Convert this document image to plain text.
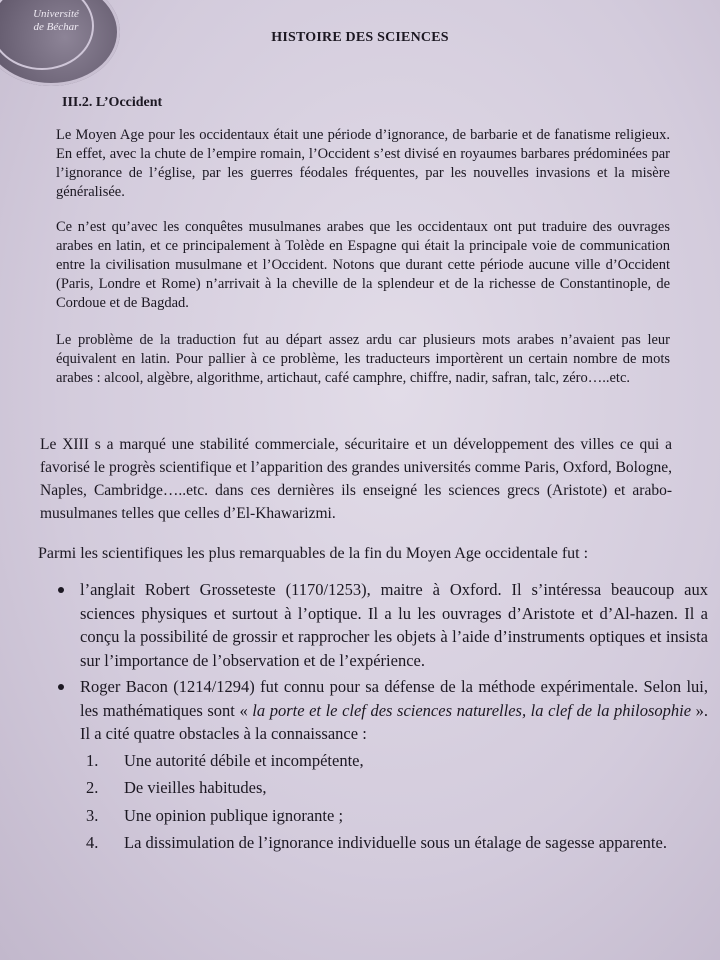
Université
de Béchar
HISTOIRE DES SCIENCES
III.2. L’Occident
Le Moyen Age pour les occidentaux était une période d’ignorance, de barbarie et de fanatisme religieux. En effet, avec la chute de l’empire romain, l’Occident s’est divisé en royaumes barbares prédominées par l’ignorance de l’église, par les guerres féodales fréquentes, par les nouvelles invasions et la misère généralisée.
Ce n’est qu’avec les conquêtes musulmanes arabes que les occidentaux ont put traduire des ouvrages arabes en latin, et ce principalement à Tolède en Espagne qui était la principale voie de communication entre la civilisation musulmane et l’Occident. Notons que durant cette période aucune ville d’Occident (Paris, Londre et Rome) n’arrivait à la cheville de la splendeur et de la richesse de Constantinople, de Cordoue et de Bagdad.
Le problème de la traduction fut au départ assez ardu car plusieurs mots arabes n’avaient pas leur équivalent en latin. Pour pallier à ce problème, les traducteurs importèrent un certain nombre de mots arabes : alcool, algèbre, algorithme, artichaut, café camphre, chiffre, nadir, safran, talc, zéro…..etc.
Le XIII s a marqué une stabilité commerciale, sécuritaire et un développement des villes ce qui a favorisé le progrès scientifique et l’apparition des grandes universités comme Paris, Oxford, Bologne, Naples, Cambridge…..etc. dans ces dernières ils enseigné les sciences grecs (Aristote) et arabo-musulmanes telles que celles d’El-Khawarizmi.
Parmi les scientifiques les plus remarquables de la fin du Moyen Age occidentale fut :
l’anglait Robert Grosseteste (1170/1253), maitre à Oxford. Il s’intéressa beaucoup aux sciences physiques et surtout à l’optique. Il a lu les ouvrages d’Aristote et d’Al-hazen. Il a conçu la possibilité de grossir et rapprocher les objets à l’aide d’instruments optiques et insista sur l’importance de l’observation et de l’expérience.
Roger Bacon (1214/1294) fut connu pour sa défense de la méthode expérimentale. Selon lui, les mathématiques sont « la porte et le clef des sciences naturelles, la clef de la philosophie ». Il a cité quatre obstacles à la connaissance :
1. Une autorité débile et incompétente,
2. De vieilles habitudes,
3. Une opinion publique ignorante ;
4. La dissimulation de l’ignorance individuelle sous un étalage de sagesse apparente.
